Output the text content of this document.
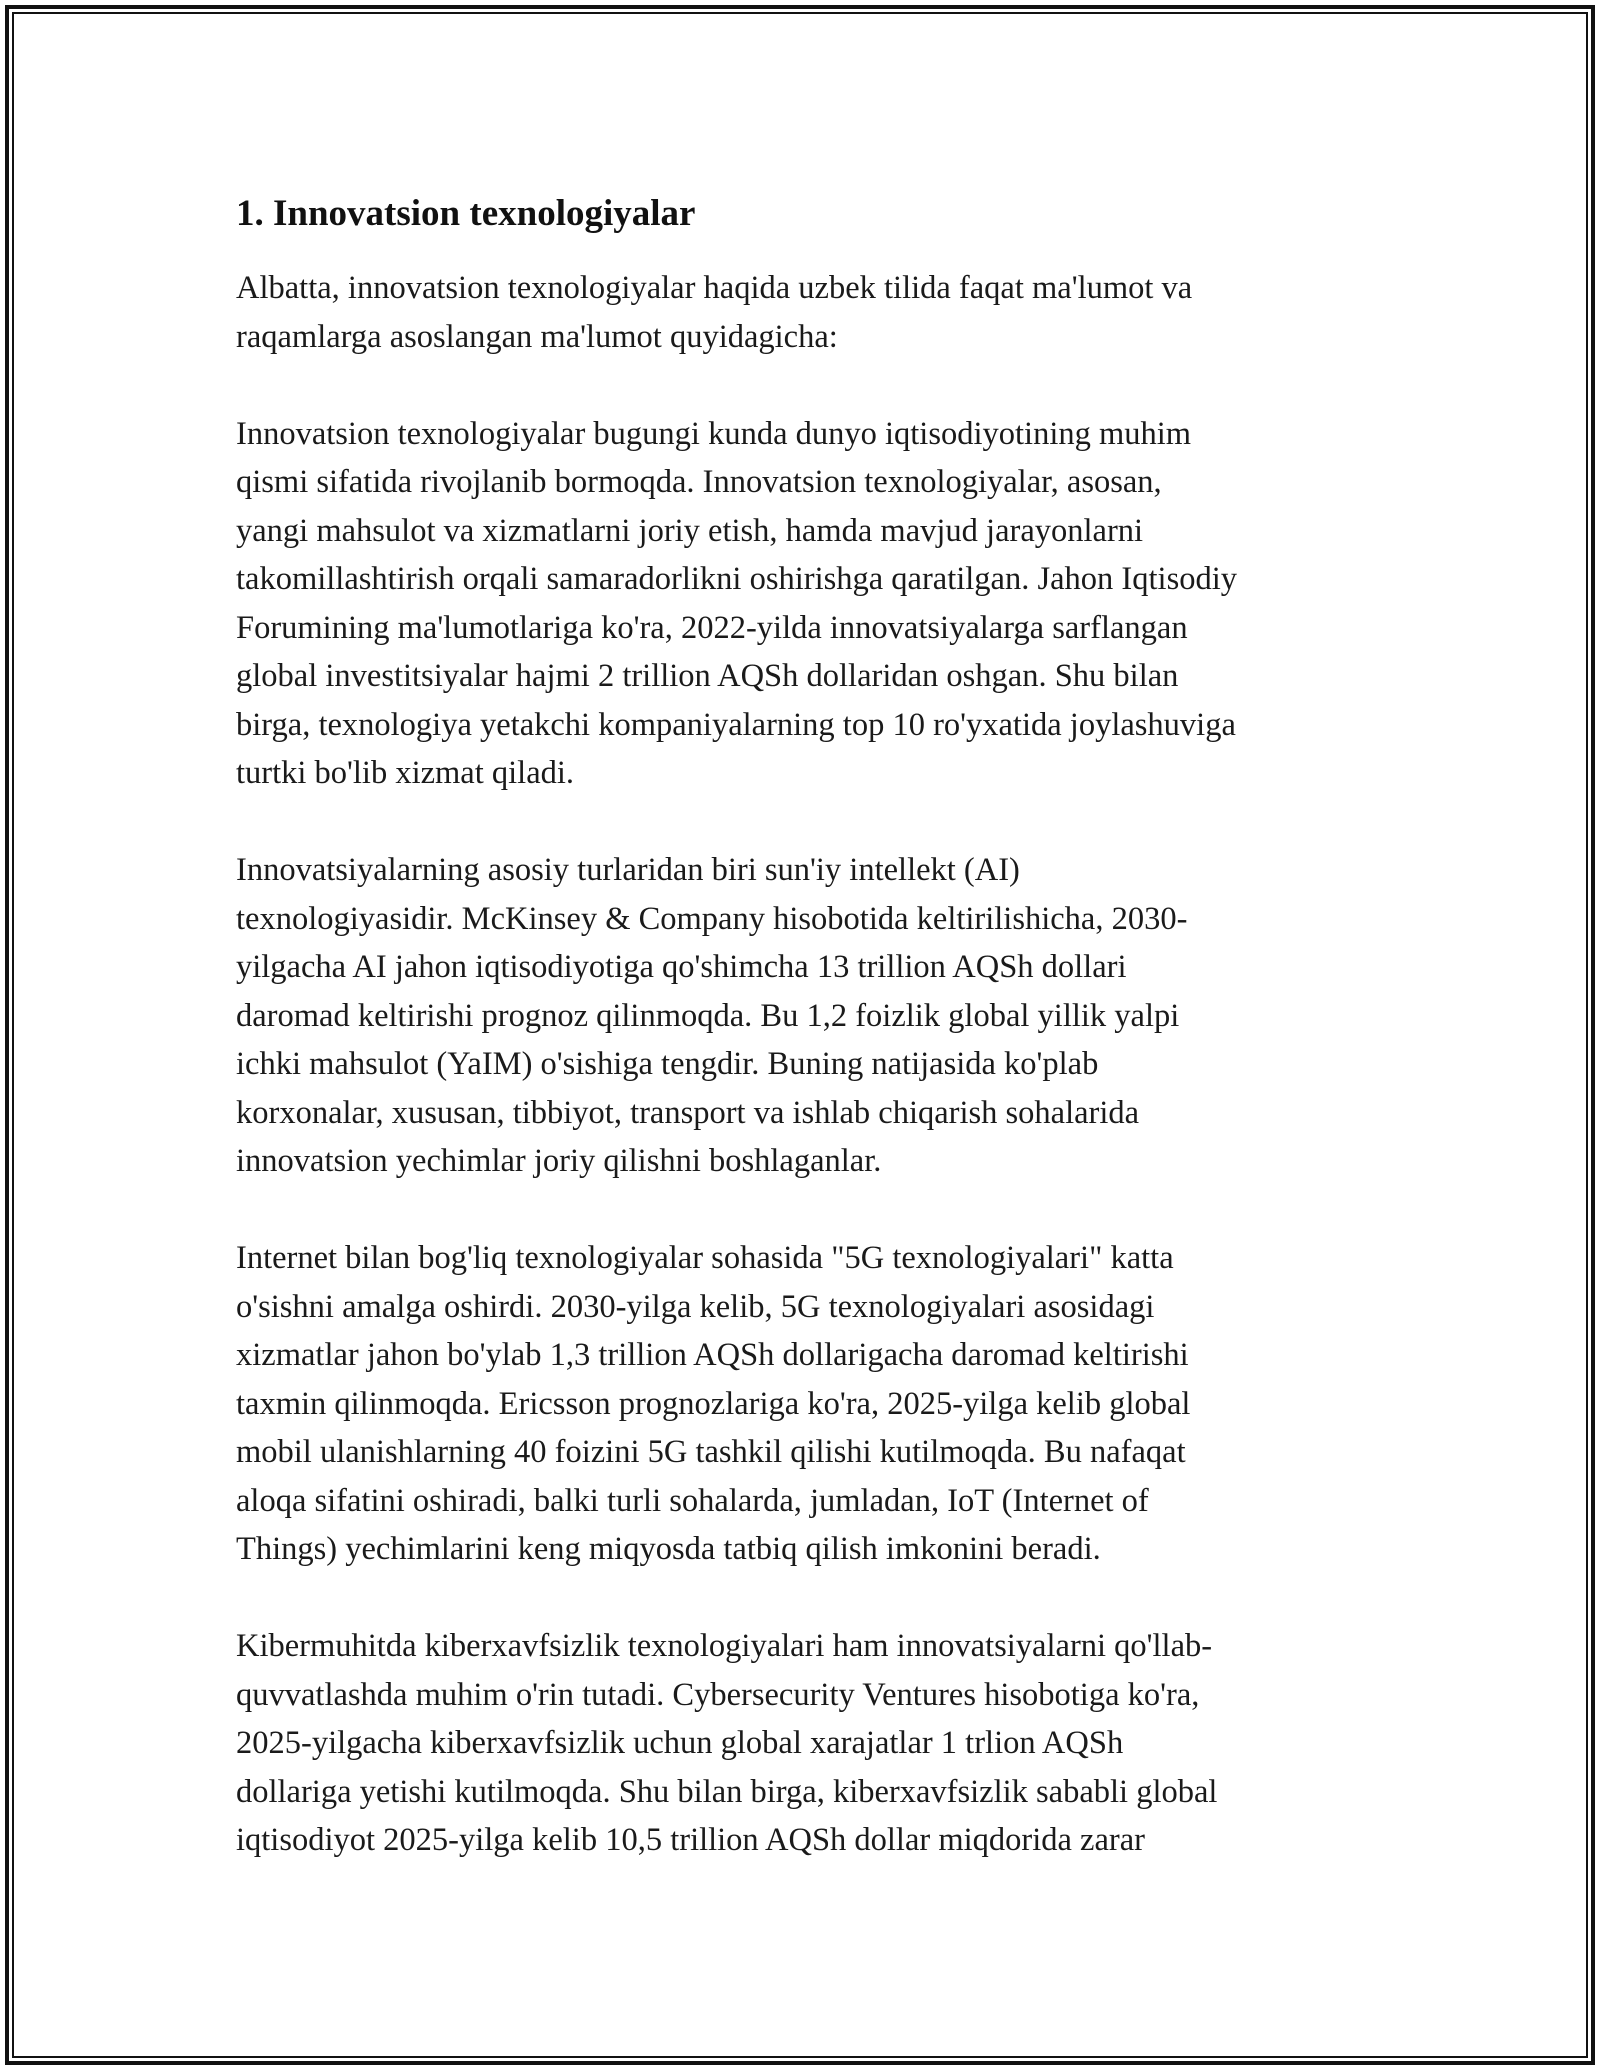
1. Innovatsion texnologiyalar

Albatta, innovatsion texnologiyalar haqida uzbek tilida faqat ma'lumot va
raqamlarga asoslangan ma'lumot quyidagicha:

Innovatsion texnologiyalar bugungi kunda dunyo iqtisodiyotining muhim
qismi sifatida rivojlanib bormoqda. Innovatsion texnologiyalar, asosan,
yangi mahsulot va xizmatlarni joriy etish, hamda mavjud jarayonlarni
takomillashtirish orqali samaradorlikni oshirishga qaratilgan. Jahon Iqtisodiy
Forumining ma'lumotlariga ko'ra, 2022-yilda innovatsiyalarga sarflangan
global investitsiyalar hajmi 2 trillion AQSh dollaridan oshgan. Shu bilan
birga, texnologiya yetakchi kompaniyalarning top 10 ro'yxatida joylashuviga
turtki bo'lib xizmat qiladi.

Innovatsiyalarning asosiy turlaridan biri sun'iy intellekt (AI)
texnologiyasidir. McKinsey & Company hisobotida keltirilishicha, 2030-
yilgacha AI jahon iqtisodiyotiga qo'shimcha 13 trillion AQSh dollari
daromad keltirishi prognoz qilinmoqda. Bu 1,2 foizlik global yillik yalpi
ichki mahsulot (YaIM) o'sishiga tengdir. Buning natijasida ko'plab
korxonalar, xususan, tibbiyot, transport va ishlab chiqarish sohalarida
innovatsion yechimlar joriy qilishni boshlaganlar.

Internet bilan bog'liq texnologiyalar sohasida "5G texnologiyalari" katta
o'sishni amalga oshirdi. 2030-yilga kelib, 5G texnologiyalari asosidagi
xizmatlar jahon bo'ylab 1,3 trillion AQSh dollarigacha daromad keltirishi
taxmin qilinmoqda. Ericsson prognozlariga ko'ra, 2025-yilga kelib global
mobil ulanishlarning 40 foizini 5G tashkil qilishi kutilmoqda. Bu nafaqat
aloqa sifatini oshiradi, balki turli sohalarda, jumladan, IoT (Internet of
Things) yechimlarini keng miqyosda tatbiq qilish imkonini beradi.

Kibermuhitda kiberxavfsizlik texnologiyalari ham innovatsiyalarni qo'llab-
quvvatlashda muhim o'rin tutadi. Cybersecurity Ventures hisobotiga ko'ra,
2025-yilgacha kiberxavfsizlik uchun global xarajatlar 1 trlion AQSh
dollariga yetishi kutilmoqda. Shu bilan birga, kiberxavfsizlik sababli global
iqtisodiyot 2025-yilga kelib 10,5 trillion AQSh dollar miqdorida zarar
